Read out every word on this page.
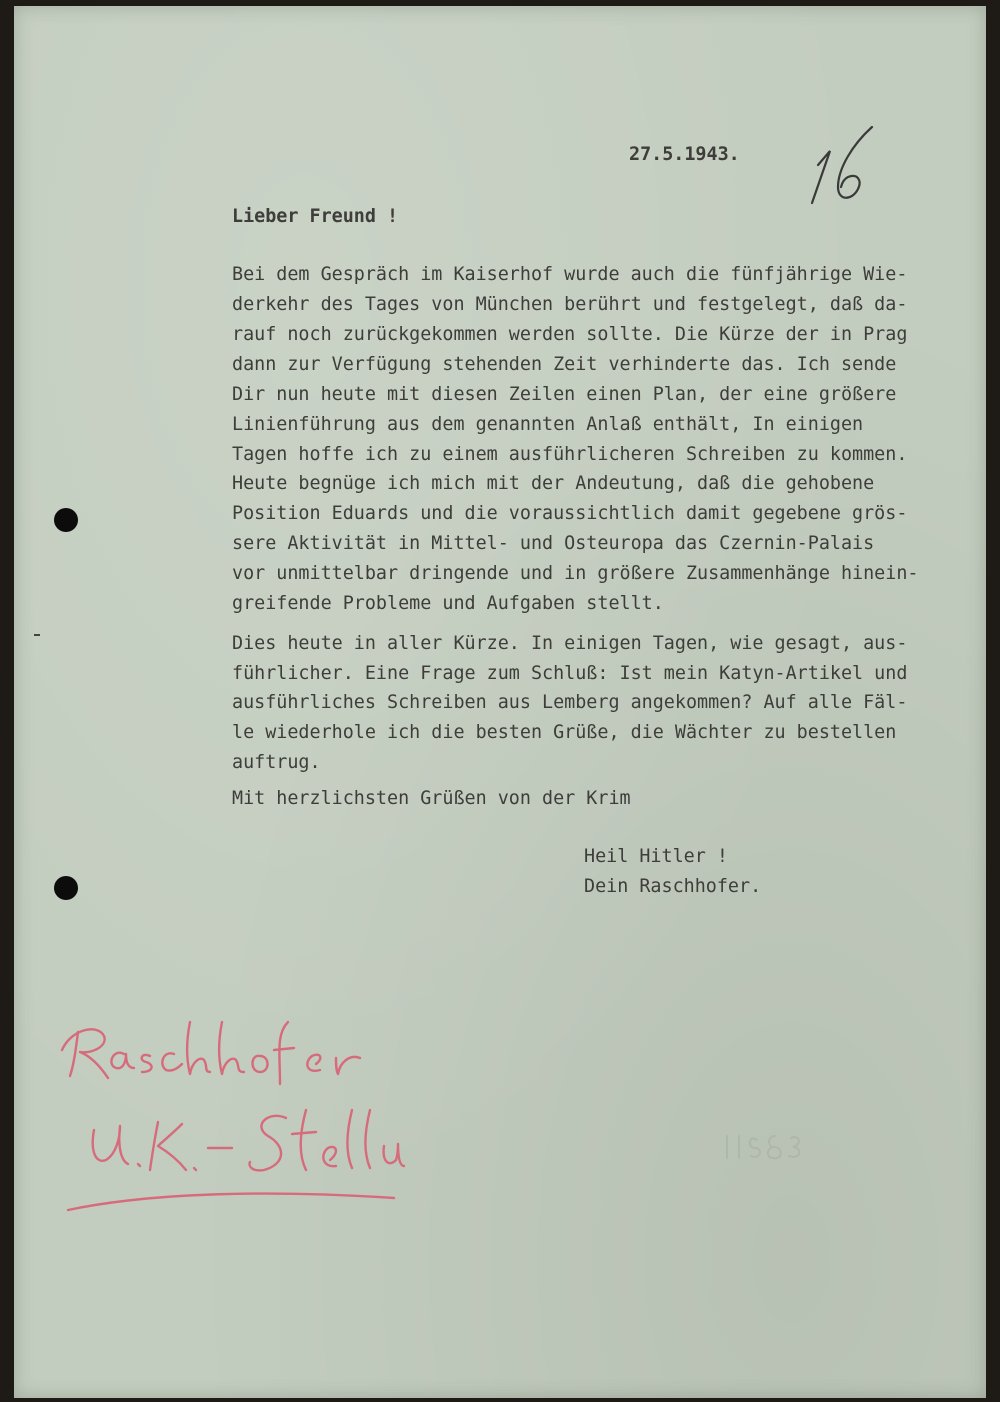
27.5.1943.
Lieber Freund !
Bei dem Gespräch im Kaiserhof wurde auch die fünfjährige Wie-
derkehr des Tages von München berührt und festgelegt, daß da-
rauf noch zurückgekommen werden sollte. Die Kürze der in Prag
dann zur Verfügung stehenden Zeit verhinderte das. Ich sende
Dir nun heute mit diesen Zeilen einen Plan, der eine größere
Linienführung aus dem genannten Anlaß enthält, In einigen
Tagen hoffe ich zu einem ausführlicheren Schreiben zu kommen.
Heute begnüge ich mich mit der Andeutung, daß die gehobene
Position Eduards und die voraussichtlich damit gegebene grös-
sere Aktivität in Mittel- und Osteuropa das Czernin-Palais
vor unmittelbar dringende und in größere Zusammenhänge hinein-
greifende Probleme und Aufgaben stellt.
Dies heute in aller Kürze. In einigen Tagen, wie gesagt, aus-
führlicher. Eine Frage zum Schluß: Ist mein Katyn-Artikel und
ausführliches Schreiben aus Lemberg angekommen? Auf alle Fäl-
le wiederhole ich die besten Grüße, die Wächter zu bestellen
auftrug.
Mit herzlichsten Grüßen von der Krim
Heil Hitler !
Dein Raschhofer.
U.K.- Stellung
